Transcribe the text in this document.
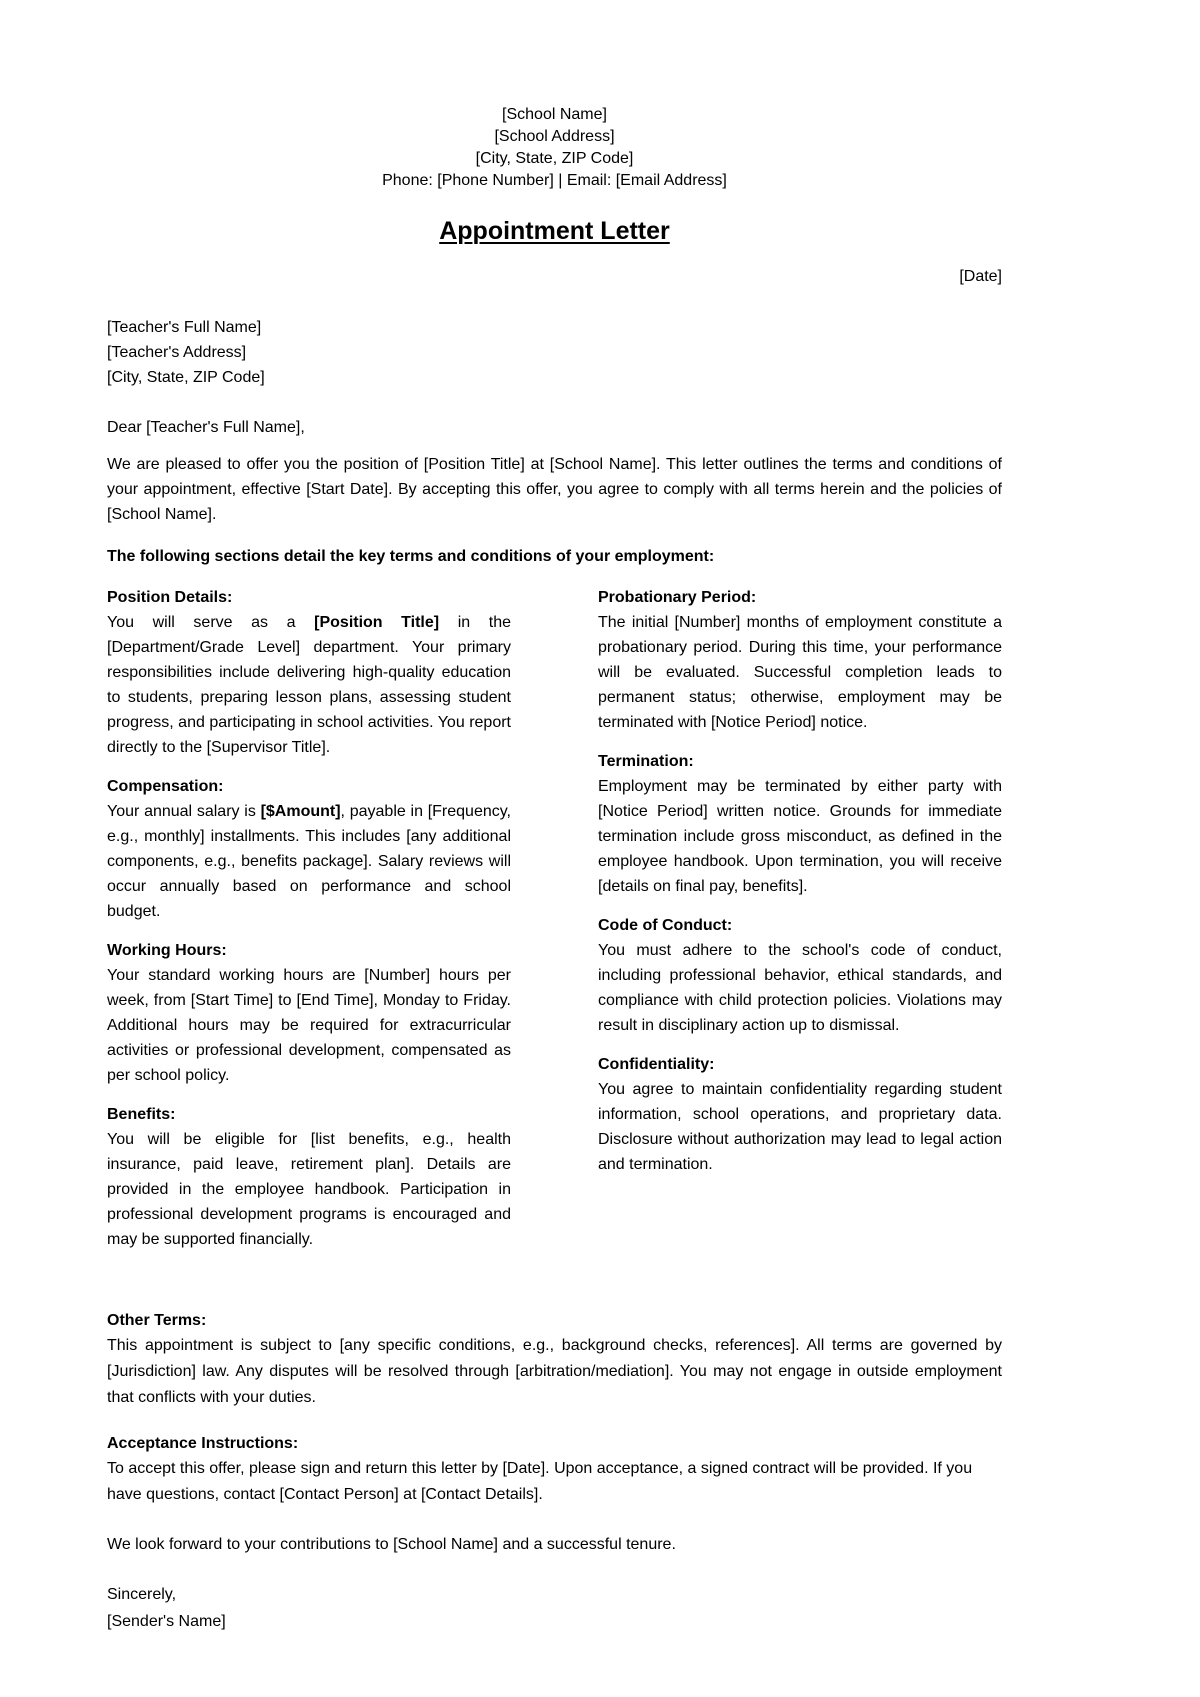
[School Name]
[School Address]
[City, State, ZIP Code]
Phone: [Phone Number] | Email: [Email Address]
Appointment Letter
[Date]
[Teacher's Full Name]
[Teacher's Address]
[City, State, ZIP Code]
Dear [Teacher's Full Name],

We are pleased to offer you the position of [Position Title] at [School Name]. This letter outlines the terms and conditions of your appointment, effective [Start Date]. By accepting this offer, you agree to comply with all terms herein and the policies of [School Name].

The following sections detail the key terms and conditions of your employment:
Position Details:

You will serve as a [Position Title] in the [Department/Grade Level] department. Your primary responsibilities include delivering high-quality education to students, preparing lesson plans, assessing student progress, and participating in school activities. You report directly to the [Supervisor Title].

Compensation:

Your annual salary is [$Amount], payable in [Frequency, e.g., monthly] installments. This includes [any additional components, e.g., benefits package]. Salary reviews will occur annually based on performance and school budget.

Working Hours:

Your standard working hours are [Number] hours per week, from [Start Time] to [End Time], Monday to Friday. Additional hours may be required for extracurricular activities or professional development, compensated as per school policy.

Benefits:

You will be eligible for [list benefits, e.g., health insurance, paid leave, retirement plan]. Details are provided in the employee handbook. Participation in professional development programs is encouraged and may be supported financially.

Probationary Period:

The initial [Number] months of employment constitute a probationary period. During this time, your performance will be evaluated. Successful completion leads to permanent status; otherwise, employment may be terminated with [Notice Period] notice.

Termination:

Employment may be terminated by either party with [Notice Period] written notice. Grounds for immediate termination include gross misconduct, as defined in the employee handbook. Upon termination, you will receive [details on final pay, benefits].

Code of Conduct:

You must adhere to the school's code of conduct, including professional behavior, ethical standards, and compliance with child protection policies. Violations may result in disciplinary action up to dismissal.

Confidentiality:

You agree to maintain confidentiality regarding student information, school operations, and proprietary data. Disclosure without authorization may lead to legal action and termination.

Other Terms:

This appointment is subject to [any specific conditions, e.g., background checks, references]. All terms are governed by [Jurisdiction] law. Any disputes will be resolved through [arbitration/mediation]. You may not engage in outside employment that conflicts with your duties.

Acceptance Instructions:

To accept this offer, please sign and return this letter by [Date]. Upon acceptance, a signed contract will be provided. If you have questions, contact [Contact Person] at [Contact Details].

We look forward to your contributions to [School Name] and a successful tenure.
Sincerely,
[Sender's Name]
